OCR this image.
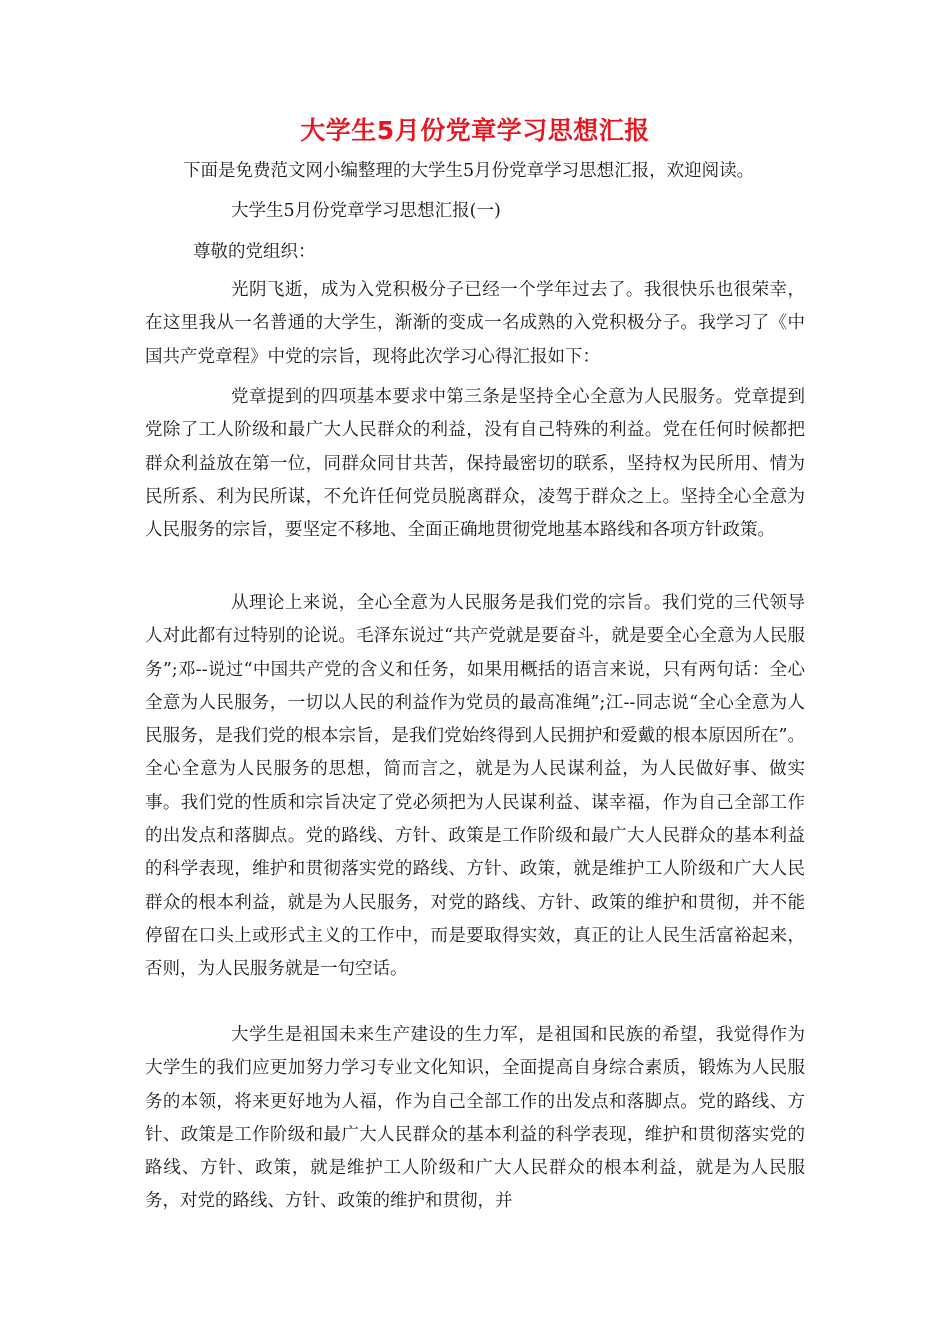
大学生5月份党章学习思想汇报
下面是免费范文网小编整理的大学生5月份党章学习思想汇报，欢迎阅读。
大学生5月份党章学习思想汇报(一)
尊敬的党组织：

光阴飞逝，成为入党积极分子已经一个学年过去了。我很快乐也很荣幸，在这里我从一名普通的大学生，渐渐的变成一名成熟的入党积极分子。我学习了《中国共产党章程》中党的宗旨，现将此次学习心得汇报如下：

党章提到的四项基本要求中第三条是坚持全心全意为人民服务。党章提到党除了工人阶级和最广大人民群众的利益，没有自己特殊的利益。党在任何时候都把群众利益放在第一位，同群众同甘共苦，保持最密切的联系，坚持权为民所用、情为民所系、利为民所谋，不允许任何党员脱离群众，凌驾于群众之上。坚持全心全意为人民服务的宗旨，要坚定不移地、全面正确地贯彻党地基本路线和各项方针政策。

从理论上来说，全心全意为人民服务是我们党的宗旨。我们党的三代领导人对此都有过特别的论说。毛泽东说过“共产党就是要奋斗，就是要全心全意为人民服务”;邓--说过“中国共产党的含义和任务，如果用概括的语言来说，只有两句话：全心全意为人民服务，一切以人民的利益作为党员的最高准绳”;江--同志说“全心全意为人民服务，是我们党的根本宗旨，是我们党始终得到人民拥护和爱戴的根本原因所在”。全心全意为人民服务的思想，简而言之，就是为人民谋利益，为人民做好事、做实事。我们党的性质和宗旨决定了党必须把为人民谋利益、谋幸福，作为自己全部工作的出发点和落脚点。党的路线、方针、政策是工作阶级和最广大人民群众的基本利益的科学表现，维护和贯彻落实党的路线、方针、政策，就是维护工人阶级和广大人民群众的根本利益，就是为人民服务，对党的路线、方针、政策的维护和贯彻，并不能停留在口头上或形式主义的工作中，而是要取得实效，真正的让人民生活富裕起来，否则，为人民服务就是一句空话。

大学生是祖国未来生产建设的生力军，是祖国和民族的希望，我觉得作为大学生的我们应更加努力学习专业文化知识，全面提高自身综合素质，锻炼为人民服务的本领，将来更好地为人福，作为自己全部工作的出发点和落脚点。党的路线、方针、政策是工作阶级和最广大人民群众的基本利益的科学表现，维护和贯彻落实党的路线、方针、政策，就是维护工人阶级和广大人民群众的根本利益，就是为人民服务，对党的路线、方针、政策的维护和贯彻，并
